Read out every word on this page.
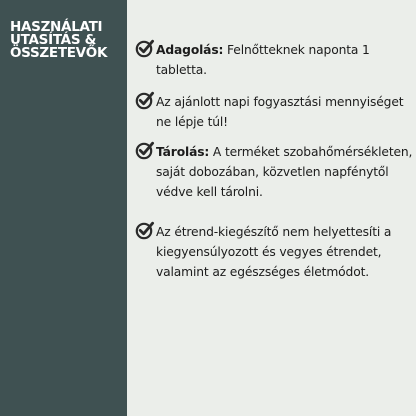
HASZNÁLATI
UTASÍTÁS &
ÖSSZETEVŐK	Adagolás: Felnőtteknek naponta 1 tabletta.

Az ajánlott napi fogyasztási mennyiséget ne lépje túl!

Tárolás: A terméket szobahőmérsékleten, saját dobozában, közvetlen napfénytől védve kell tárolni.

Az étrend-kiegészítő nem helyettesíti a kiegyensúlyozott és vegyes étrendet, valamint az egészséges életmódot.
